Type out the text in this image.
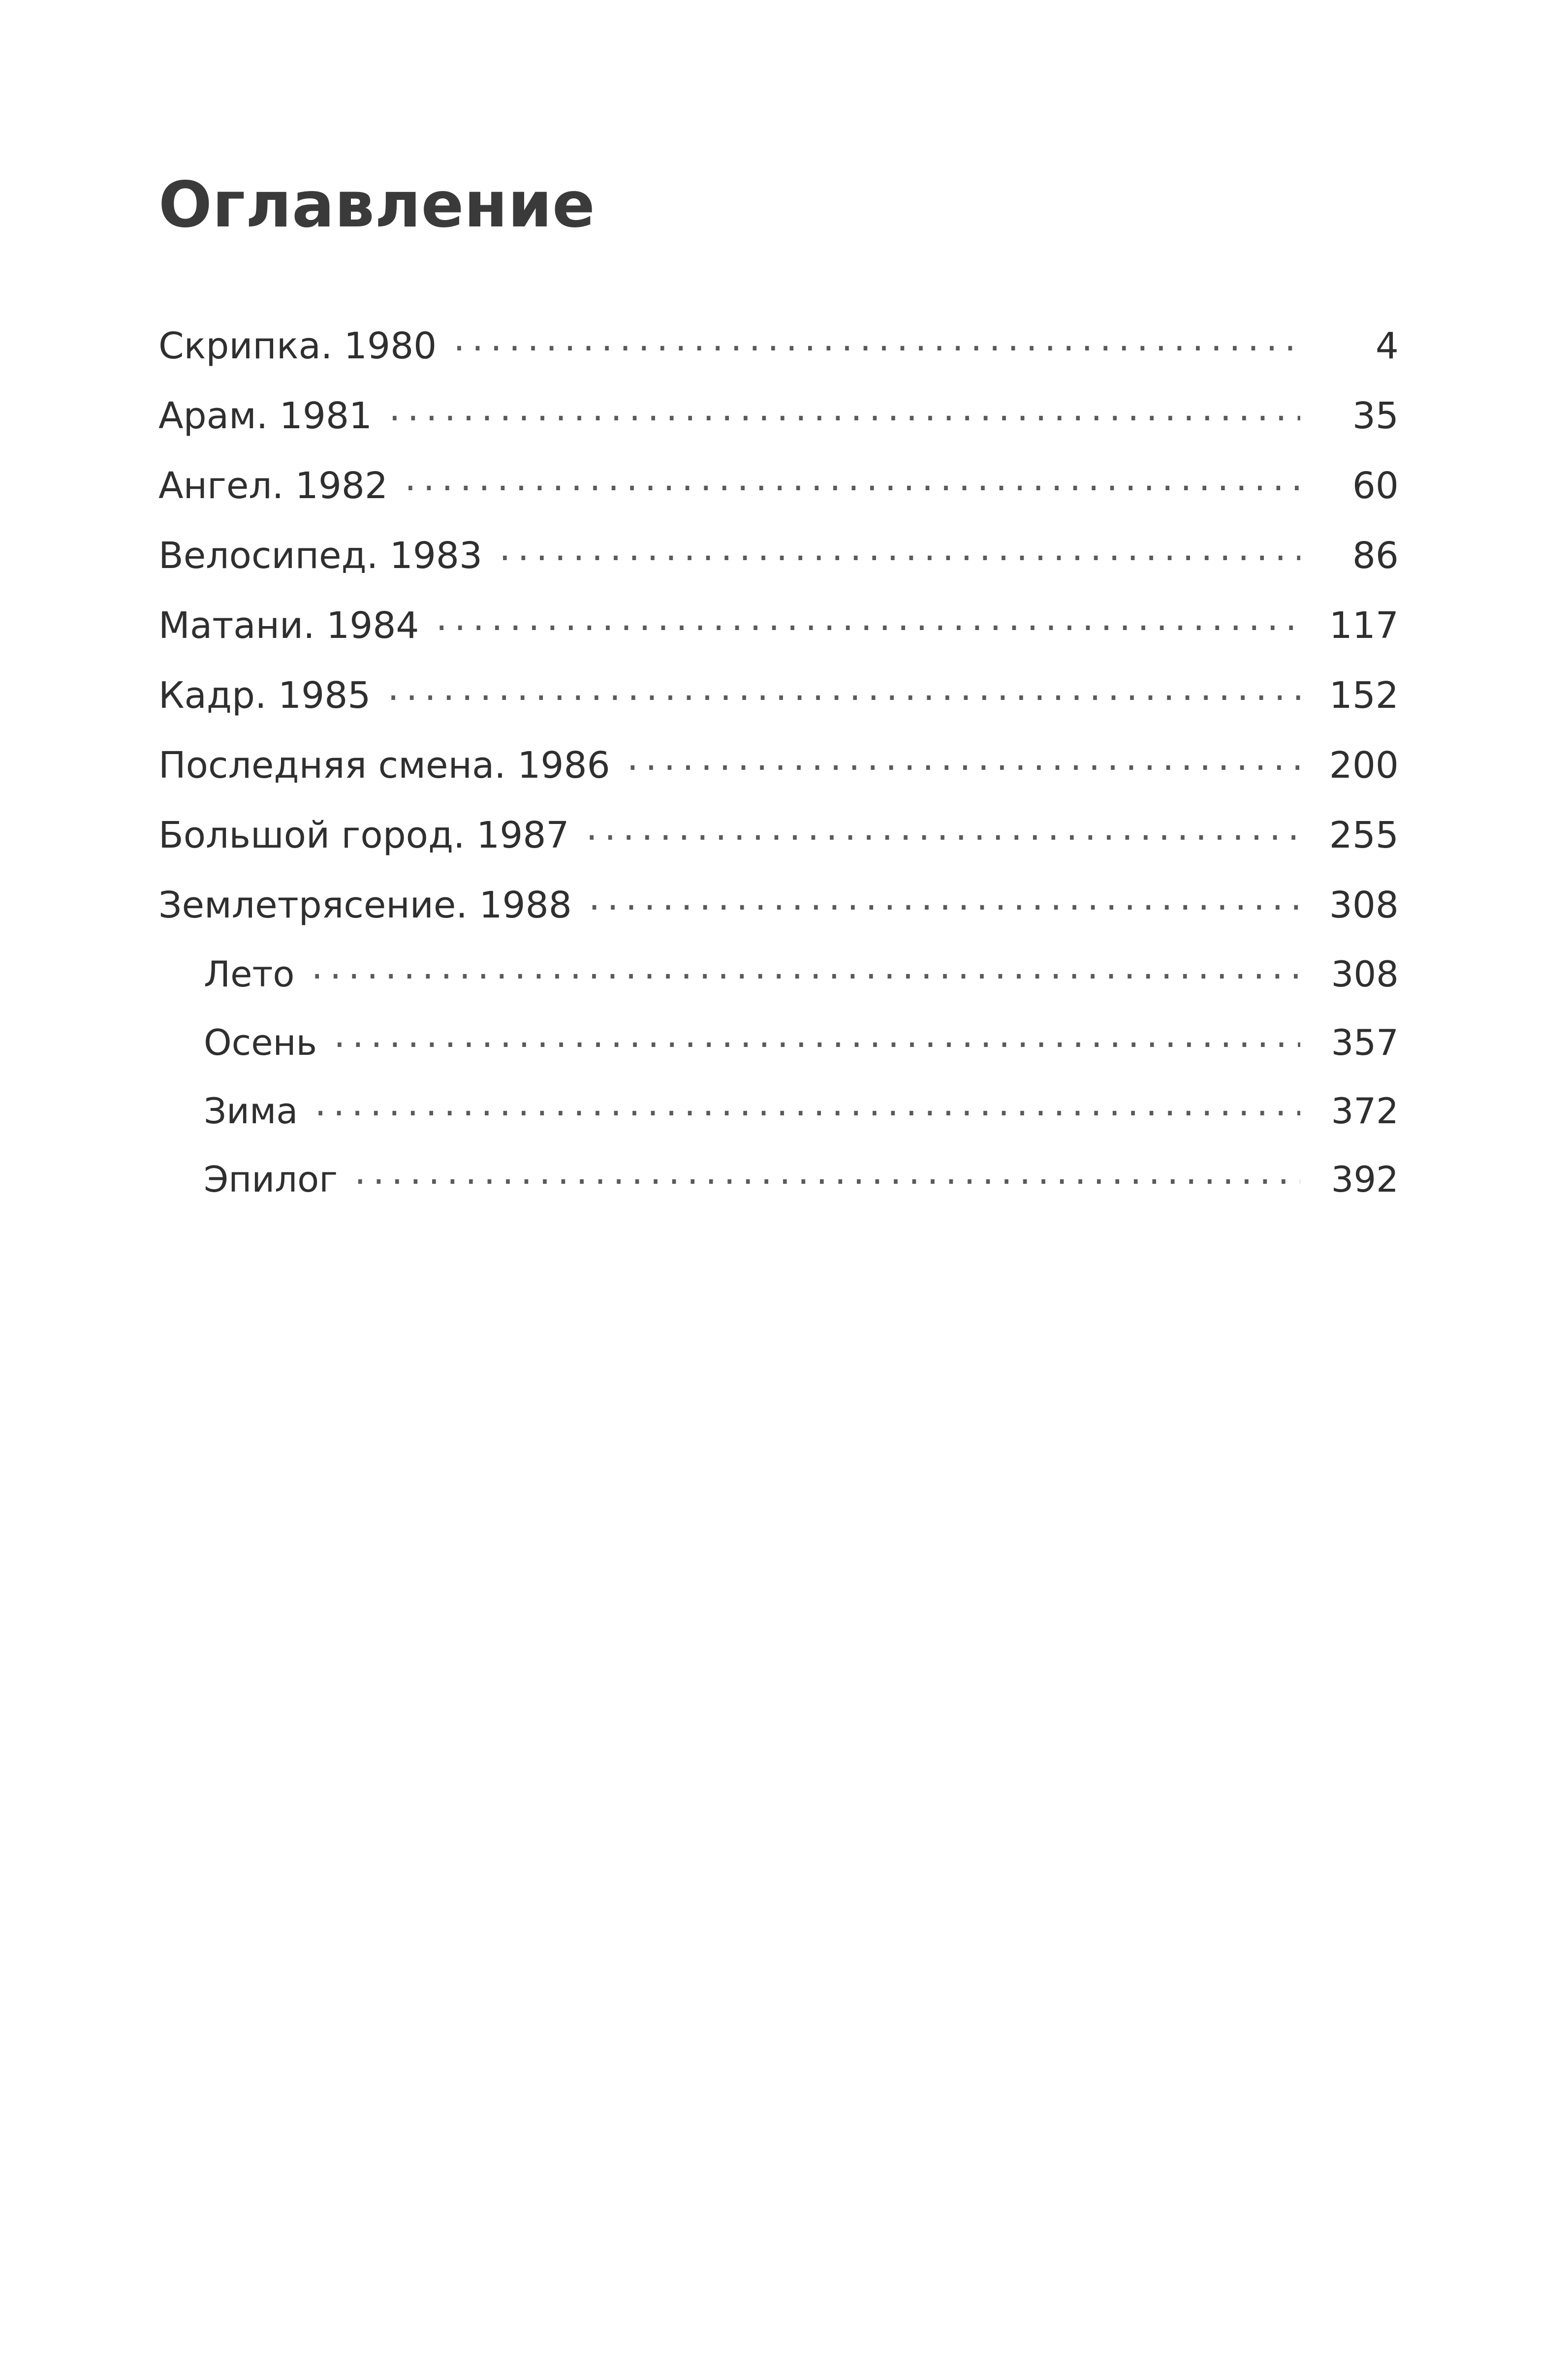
Оглавление
Скрипка. 1980 .....	4
Арам. 1981 .....	35
Ангел. 1982 .....	60
Велосипед. 1983 .....	86
Матани. 1984 .....	117
Кадр. 1985 .....	152
Последняя смена. 1986 .....	200
Большой город. 1987 .....	255
Землетрясение. 1988 .....	308
Лето .....	308
Осень .....	357
Зима .....	372
Эпилог .....	392
